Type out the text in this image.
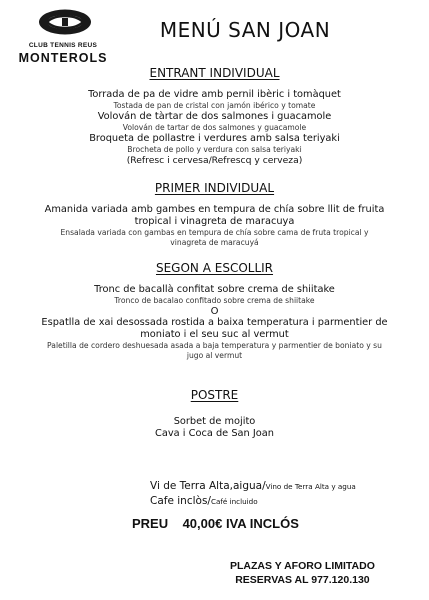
CLUB TENNIS REUS
MONTEROLS
MENÚ SAN JOAN
ENTRANT INDIVIDUAL
Torrada de pa de vidre amb pernil ibèric i tomàquet
Tostada de pan de cristal con jamón ibérico y tomate
Volován de tàrtar de dos salmones i guacamole
Volován de tartar de dos salmones y guacamole
Broqueta de pollastre i verdures amb salsa teriyaki
Brocheta de pollo y verdura con salsa teriyaki
(Refresc i cervesa/Refrescq y cerveza)
PRIMER INDIVIDUAL
Amanida variada amb gambes en tempura de chía sobre llit de fruita
tropical i vinagreta de maracuya
Ensalada variada con gambas en tempura de chía sobre cama de fruta tropical y
vinagreta de maracuyá
SEGON A ESCOLLIR
Tronc de bacallà confitat sobre crema de shiitake
Tronco de bacalao confitado sobre crema de shiitake
O
Espatlla de xai desossada rostida a baixa temperatura i parmentier de
moniato i el seu suc al vermut
Paletilla de cordero deshuesada asada a baja temperatura y parmentier de boniato y su
jugo al vermut
POSTRE
Sorbet de mojito
Cava i Coca de San Joan
Vi de Terra Alta,aigua/Vino de Terra Alta y agua
Cafe inclòs/Café incluido
PREU    40,00€ IVA INCLÓS
PLAZAS Y AFORO LIMITADO
RESERVAS AL 977.120.130
